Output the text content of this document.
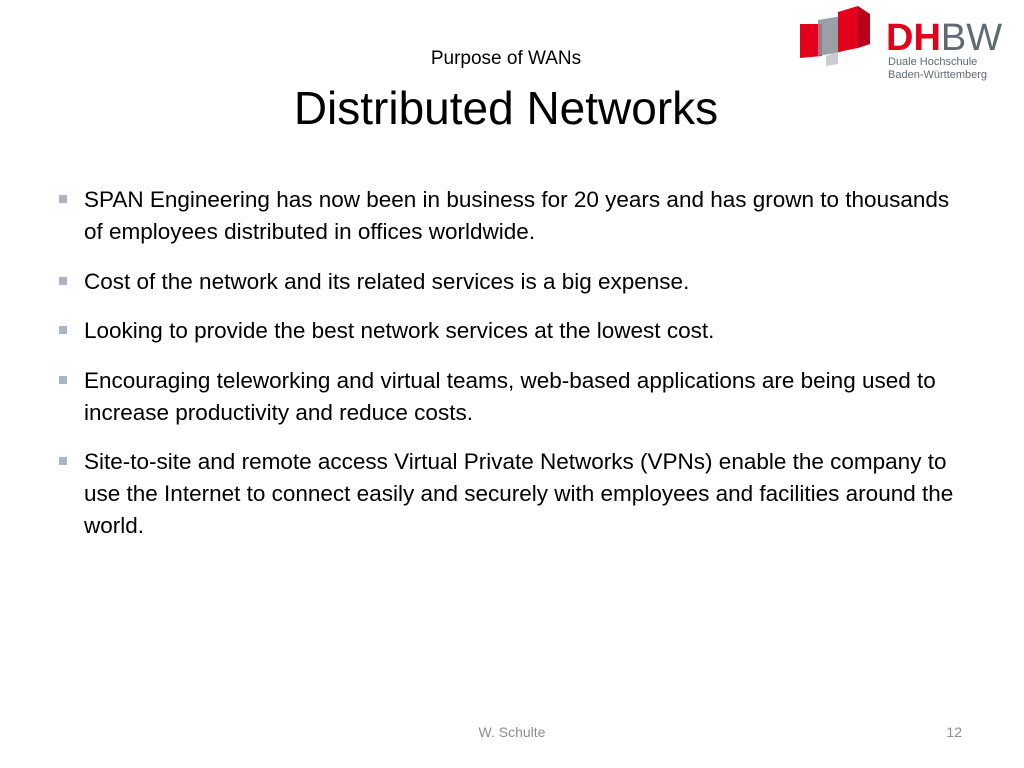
DHBW
Duale Hochschule
Baden-Württemberg
Purpose of WANs
Distributed Networks
SPAN Engineering has now been in business for 20 years and has grown to thousands of employees distributed in offices worldwide.
Cost of the network and its related services is a big expense.
Looking to provide the best network services at the lowest cost.
Encouraging teleworking and virtual teams, web-based applications are being used to increase productivity and reduce costs.
Site-to-site and remote access Virtual Private Networks (VPNs) enable the company to use the Internet to connect easily and securely with employees and facilities around the world.
W. Schulte	12
